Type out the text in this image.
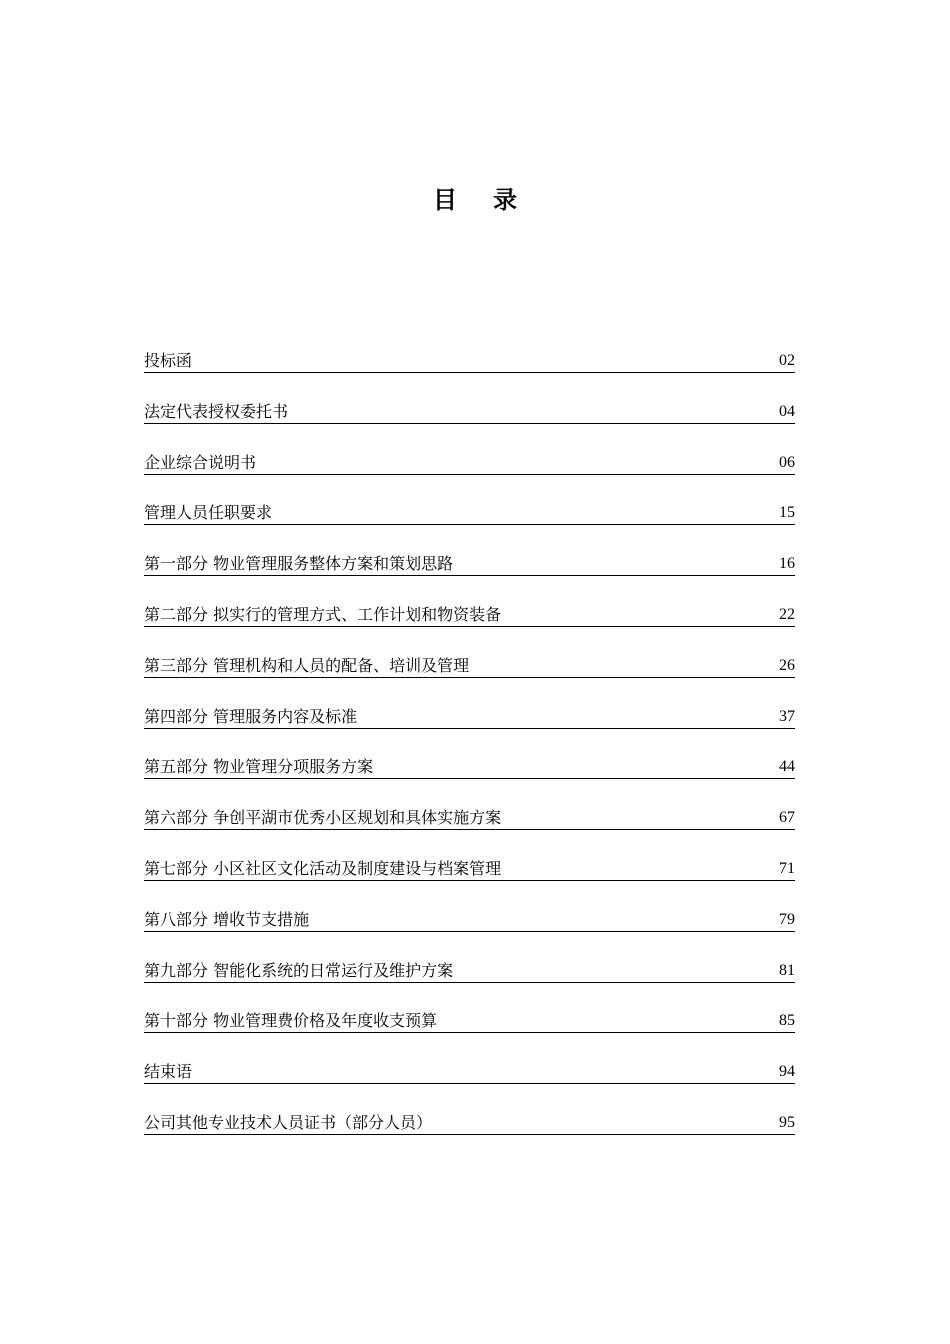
目录
投标函	02
法定代表授权委托书	04
企业综合说明书	06
管理人员任职要求	15
第一部分 物业管理服务整体方案和策划思路	16
第二部分 拟实行的管理方式、工作计划和物资装备	22
第三部分 管理机构和人员的配备、培训及管理	26
第四部分 管理服务内容及标准	37
第五部分 物业管理分项服务方案	44
第六部分 争创平湖市优秀小区规划和具体实施方案	67
第七部分 小区社区文化活动及制度建设与档案管理	71
第八部分 增收节支措施	79
第九部分 智能化系统的日常运行及维护方案	81
第十部分 物业管理费价格及年度收支预算	85
结束语	94
公司其他专业技术人员证书（部分人员）	95
